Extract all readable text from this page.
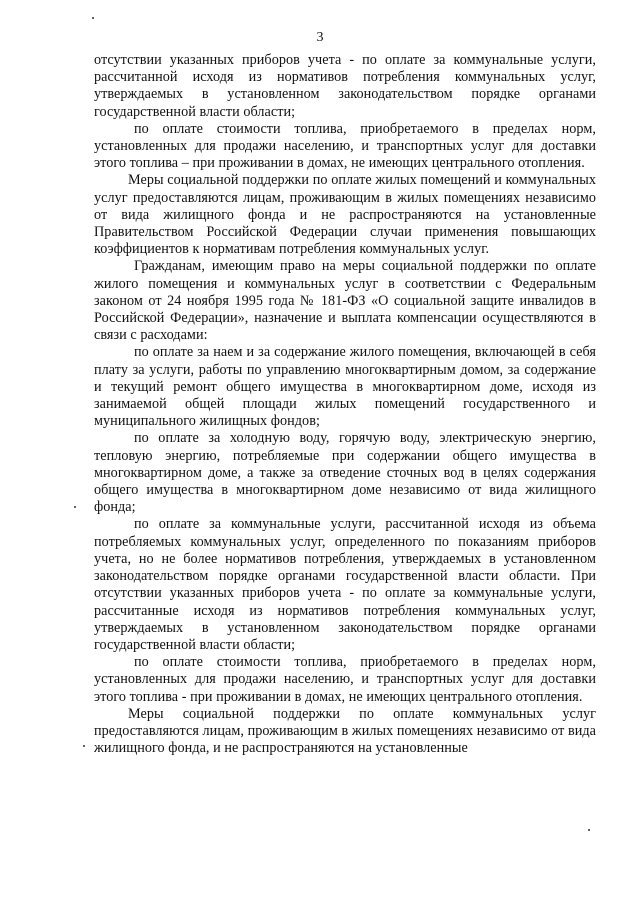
3

отсутствии указанных приборов учета - по оплате за коммунальные услуги, рассчитанной исходя из нормативов потребления коммунальных услуг, утверждаемых в установленном законодательством порядке органами государственной власти области;

по оплате стоимости топлива, приобретаемого в пределах норм, установленных для продажи населению, и транспортных услуг для доставки этого топлива – при проживании в домах, не имеющих центрального отопления.

Меры социальной поддержки по оплате жилых помещений и коммунальных услуг предоставляются лицам, проживающим в жилых помещениях независимо от вида жилищного фонда и не распространяются на установленные Правительством Российской Федерации случаи применения повышающих коэффициентов к нормативам потребления коммунальных услуг.

Гражданам, имеющим право на меры социальной поддержки по оплате жилого помещения и коммунальных услуг в соответствии с Федеральным законом от 24 ноября 1995 года № 181-ФЗ «О социальной защите инвалидов в Российской Федерации», назначение и выплата компенсации осуществляются в связи с расходами:

по оплате за наем и за содержание жилого помещения, включающей в себя плату за услуги, работы по управлению многоквартирным домом, за содержание и текущий ремонт общего имущества в многоквартирном доме, исходя из занимаемой общей площади жилых помещений государственного и муниципального жилищных фондов;

по оплате за холодную воду, горячую воду, электрическую энергию, тепловую энергию, потребляемые при содержании общего имущества в многоквартирном доме, а также за отведение сточных вод в целях содержания общего имущества в многоквартирном доме независимо от вида жилищного фонда;

по оплате за коммунальные услуги, рассчитанной исходя из объема потребляемых коммунальных услуг, определенного по показаниям приборов учета, но не более нормативов потребления, утверждаемых в установленном законодательством порядке органами государственной власти области. При отсутствии указанных приборов учета - по оплате за коммунальные услуги, рассчитанные исходя из нормативов потребления коммунальных услуг, утверждаемых в установленном законодательством порядке органами государственной власти области;

по оплате стоимости топлива, приобретаемого в пределах норм, установленных для продажи населению, и транспортных услуг для доставки этого топлива - при проживании в домах, не имеющих центрального отопления.

Меры социальной поддержки по оплате коммунальных услуг предоставляются лицам, проживающим в жилых помещениях независимо от вида жилищного фонда, и не распространяются на установленные
